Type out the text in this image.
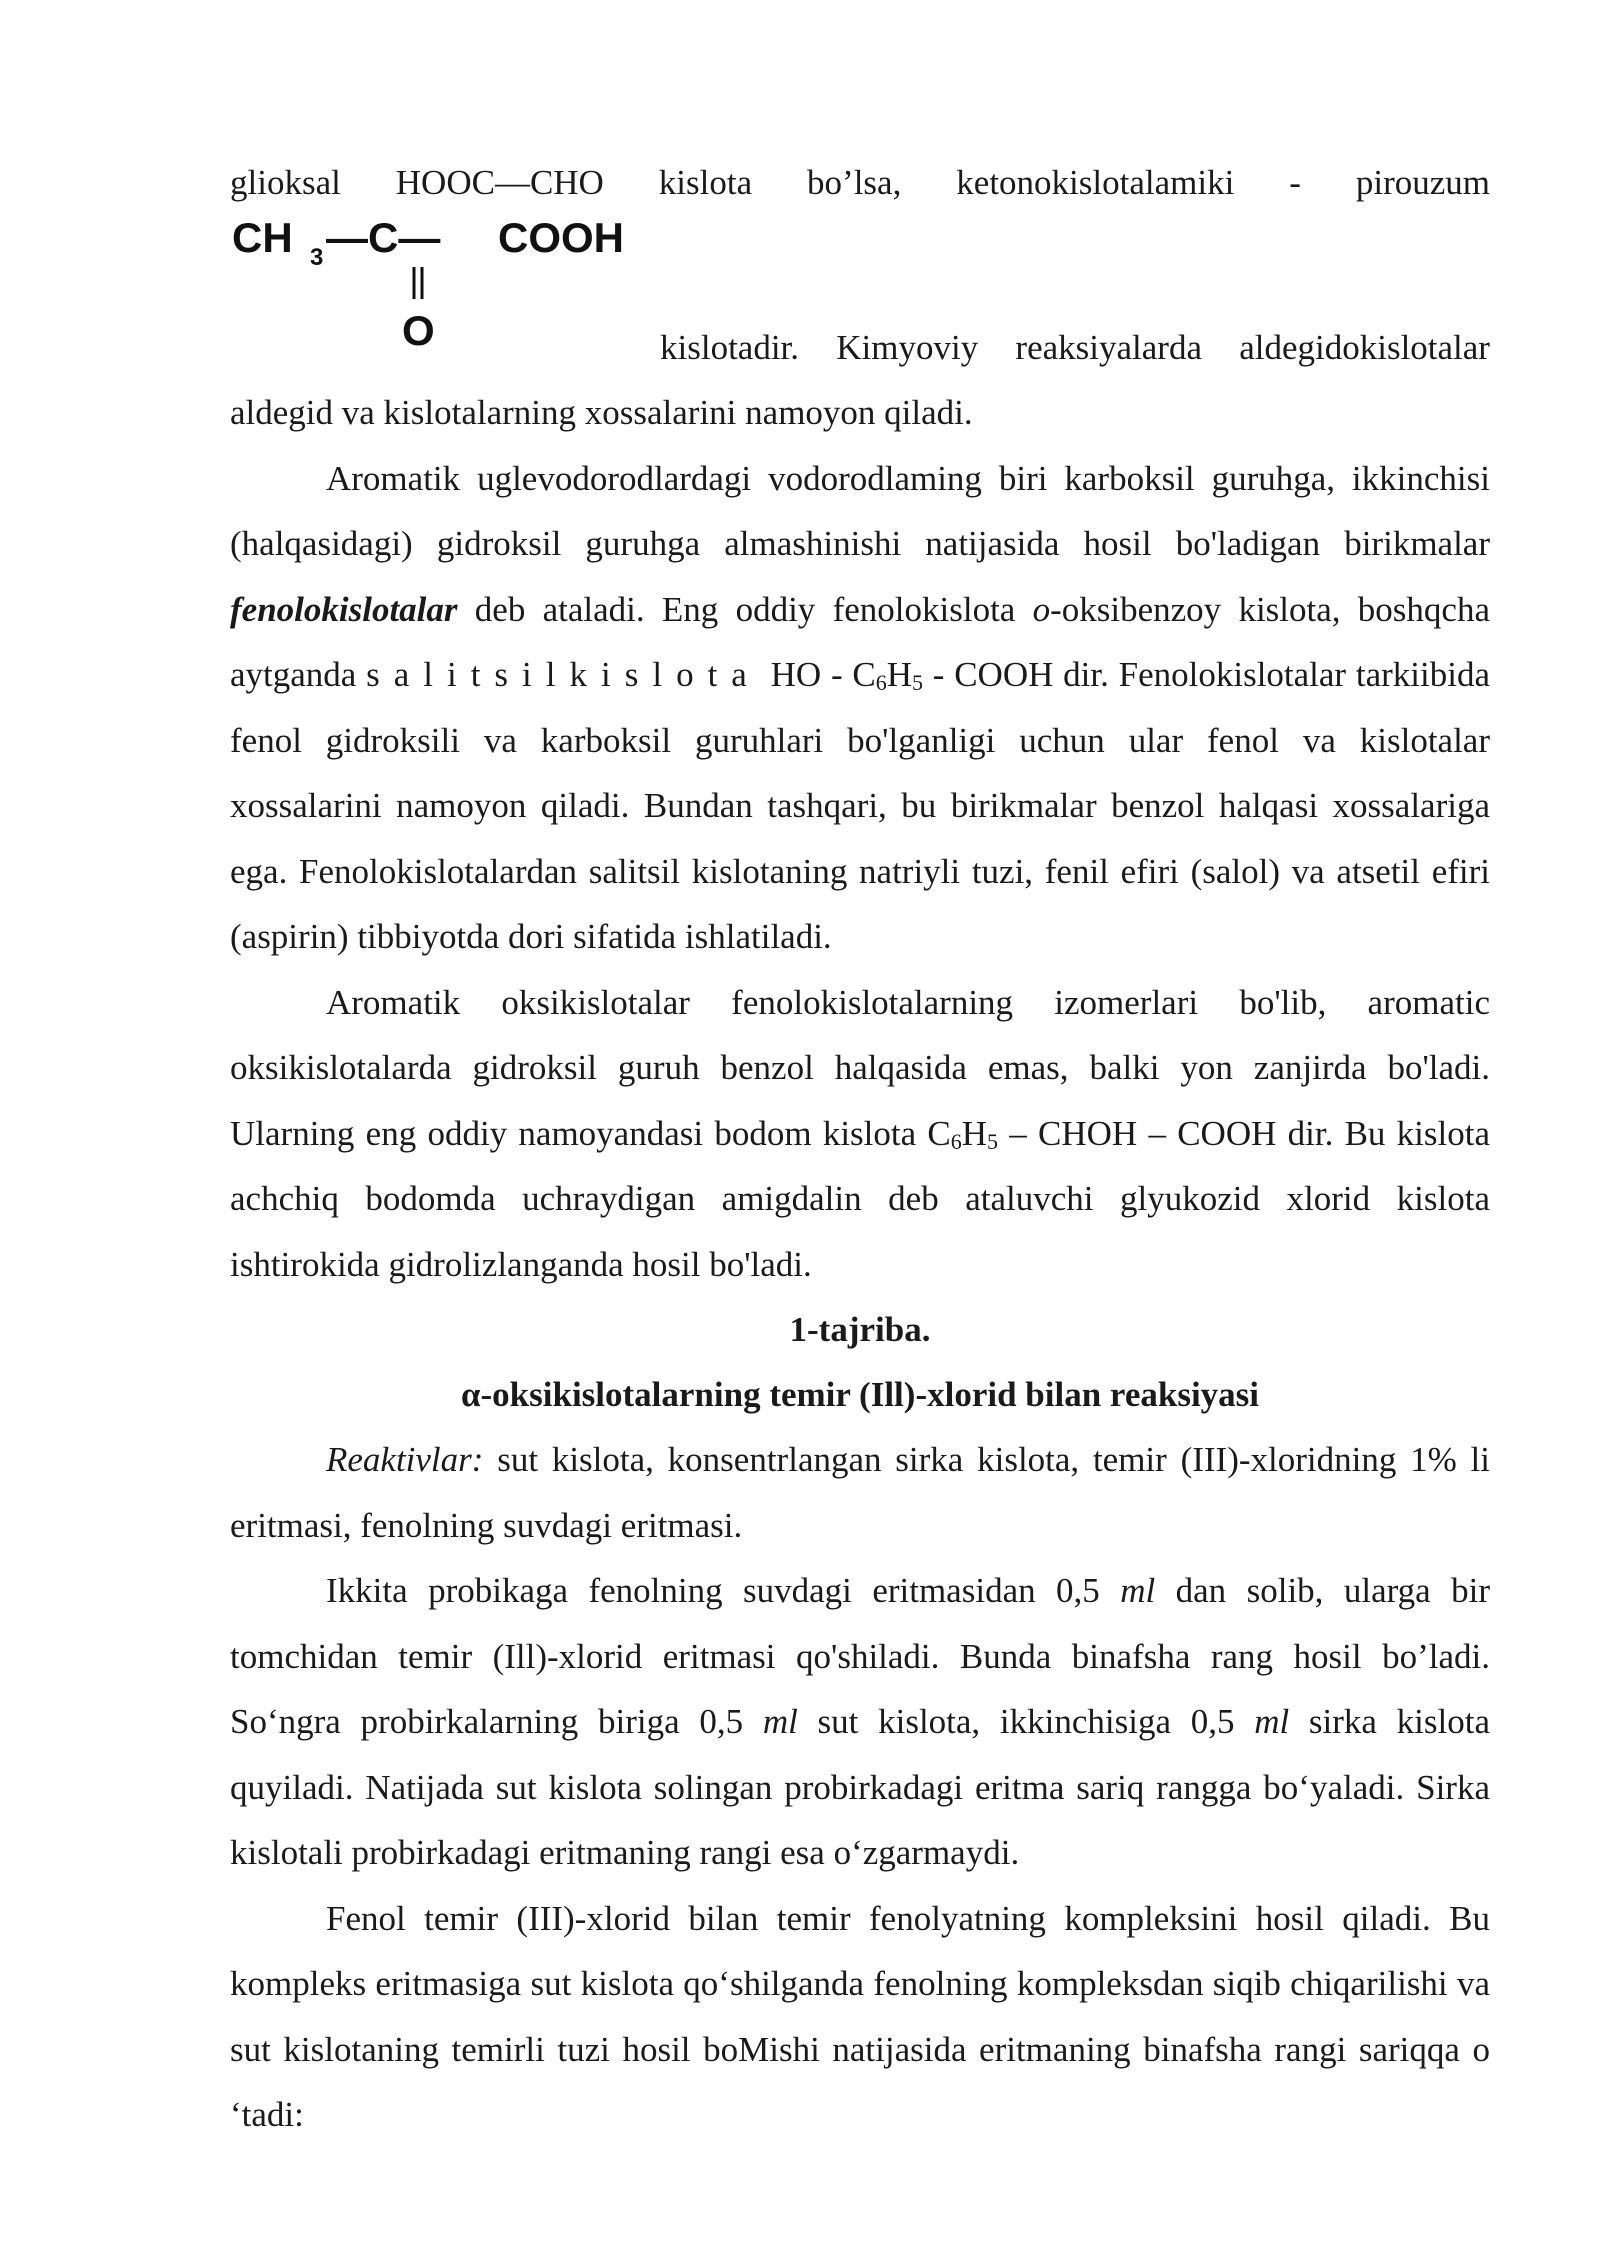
glioksal HOOC—CHO kislota bo’lsa, ketonokislotalamiki - pirouzum
CH 3 —C— COOH
O	kislotadir. Kimyoviy reaksiyalarda aldegidokislotalar

aldegid va kislotalarning xossalarini namoyon qiladi.

Aromatik uglevodorodlardagi vodorodlaming biri karboksil guruhga, ikkinchisi (halqasidagi) gidroksil guruhga almashinishi natijasida hosil bo'ladigan birikmalar fenolokislotalar deb ataladi. Eng oddiy fenolokislota o-oksibenzoy kislota, boshqcha aytganda salitsilkislota HO - $C_6H_5$ - COOH dir. Fenolokislotalar tarkiibida fenol gidroksili va karboksil guruhlari bo'lganligi uchun ular fenol va kislotalar xossalarini namoyon qiladi. Bundan tashqari, bu birikmalar benzol halqasi xossalariga ega. Fenolokislotalardan salitsil kislotaning natriyli tuzi, fenil efiri (salol) va atsetil efiri (aspirin) tibbiyotda dori sifatida ishlatiladi.

Aromatik oksikislotalar fenolokislotalarning izomerlari bo'lib, aromatic oksikislotalarda gidroksil guruh benzol halqasida emas, balki yon zanjirda bo'ladi. Ularning eng oddiy namoyandasi bodom kislota $C_6H_5$ – CHOH – COOH dir. Bu kislota achchiq bodomda uchraydigan amigdalin deb ataluvchi glyukozid xlorid kislota ishtirokida gidrolizlanganda hosil bo'ladi.

1-tajriba.

α-oksikislotalarning temir (Ill)-xlorid bilan reaksiyasi

Reaktivlar: sut kislota, konsentrlangan sirka kislota, temir (III)-xloridning 1% li eritmasi, fenolning suvdagi eritmasi.

Ikkita probikaga fenolning suvdagi eritmasidan 0,5 ml dan solib, ularga bir tomchidan temir (Ill)-xlorid eritmasi qo'shiladi. Bunda binafsha rang hosil bo’ladi. So‘ngra probirkalarning biriga 0,5 ml sut kislota, ikkinchisiga 0,5 ml sirka kislota quyiladi. Natijada sut kislota solingan probirkadagi eritma sariq rangga bo‘yaladi. Sirka kislotali probirkadagi eritmaning rangi esa o‘zgarmaydi.

Fenol temir (III)-xlorid bilan temir fenolyatning kompleksini hosil qiladi. Bu kompleks eritmasiga sut kislota qo‘shilganda fenolning kompleksdan siqib chiqarilishi va sut kislotaning temirli tuzi hosil boMishi natijasida eritmaning binafsha rangi sariqqa o ‘tadi:
